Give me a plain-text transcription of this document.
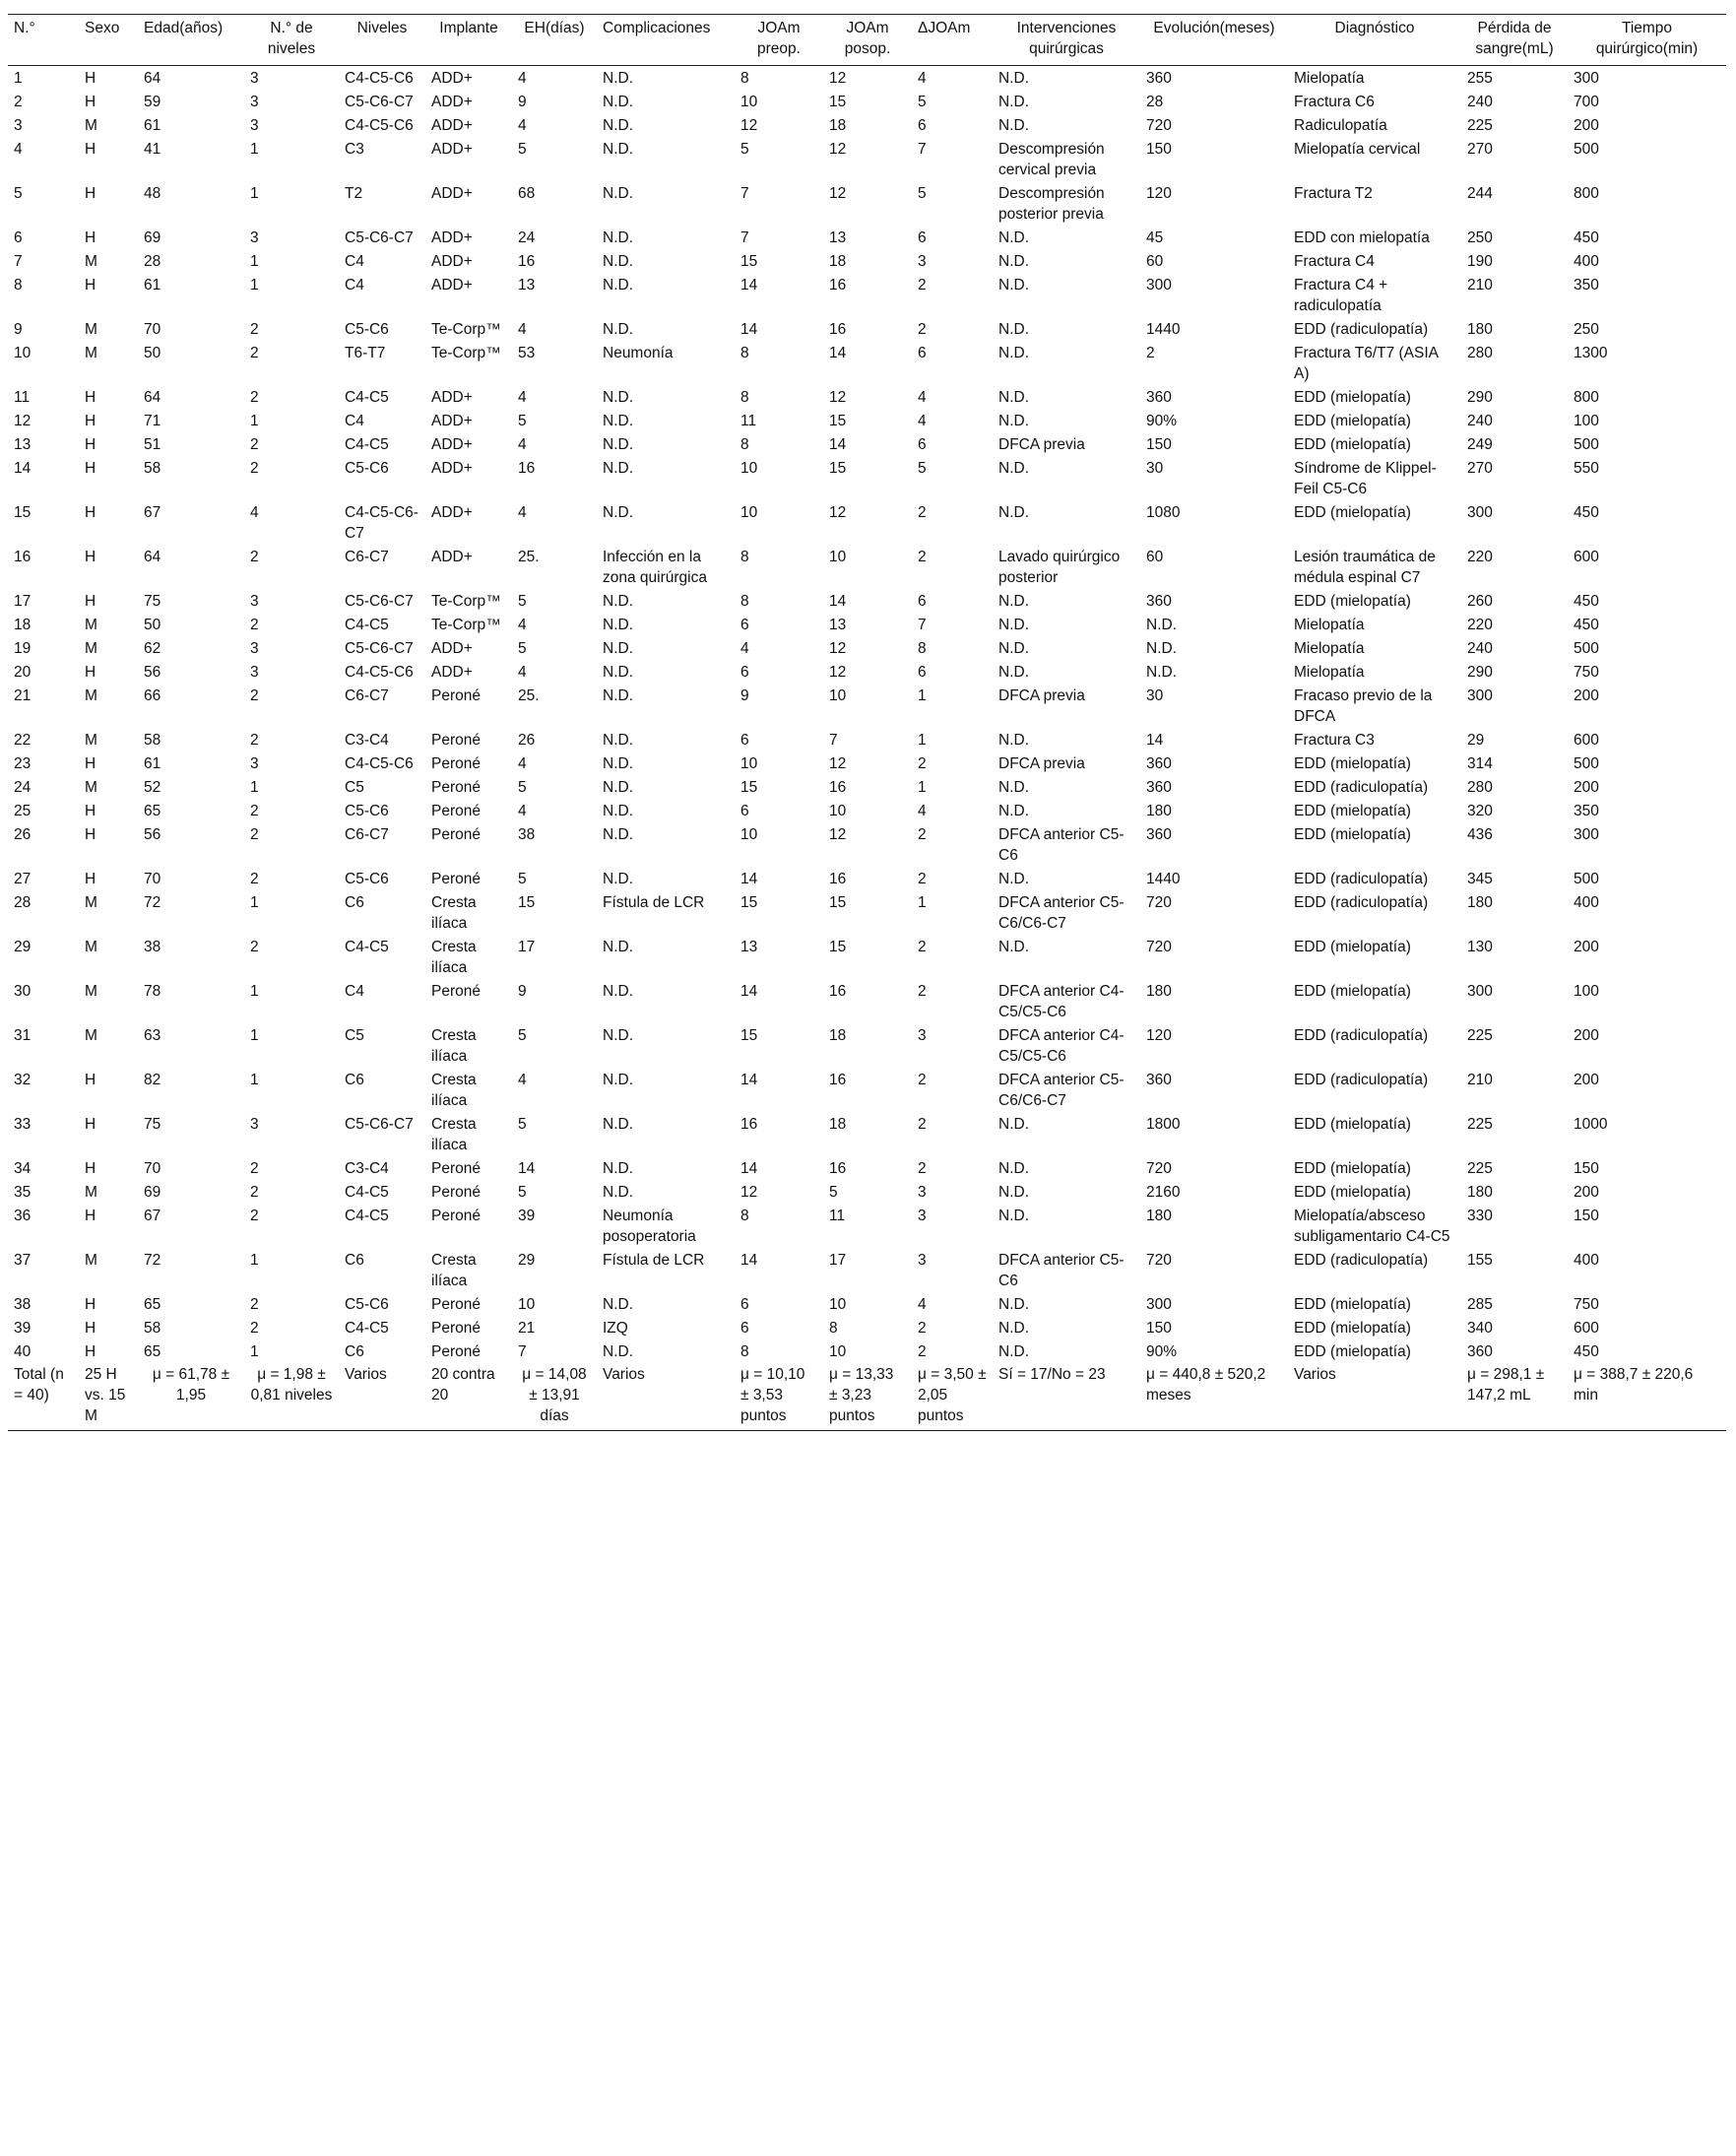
N.°	Sexo	Edad(años)	N.° de niveles	Niveles	Implante	EH(días)	Complicaciones	JOAm preop.	JOAm posop.	ΔJOAm	Intervenciones quirúrgicas	Evolución(meses)	Diagnóstico	Pérdida de sangre(mL)	Tiempo quirúrgico(min)
1	H	64	3	C4-C5-C6	ADD+	4	N.D.	8	12	4	N.D.	360	Mielopatía	255	300
2	H	59	3	C5-C6-C7	ADD+	9	N.D.	10	15	5	N.D.	28	Fractura C6	240	700
3	M	61	3	C4-C5-C6	ADD+	4	N.D.	12	18	6	N.D.	720	Radiculopatía	225	200
4	H	41	1	C3	ADD+	5	N.D.	5	12	7	Descompresión cervical previa	150	Mielopatía cervical	270	500
5	H	48	1	T2	ADD+	68	N.D.	7	12	5	Descompresión posterior previa	120	Fractura T2	244	800
6	H	69	3	C5-C6-C7	ADD+	24	N.D.	7	13	6	N.D.	45	EDD con mielopatía	250	450
7	M	28	1	C4	ADD+	16	N.D.	15	18	3	N.D.	60	Fractura C4	190	400
8	H	61	1	C4	ADD+	13	N.D.	14	16	2	N.D.	300	Fractura C4 + radiculopatía	210	350
9	M	70	2	C5-C6	Te-Corp™	4	N.D.	14	16	2	N.D.	1440	EDD (radiculopatía)	180	250
10	M	50	2	T6-T7	Te-Corp™	53	Neumonía	8	14	6	N.D.	2	Fractura T6/T7 (ASIA A)	280	1300
11	H	64	2	C4-C5	ADD+	4	N.D.	8	12	4	N.D.	360	EDD (mielopatía)	290	800
12	H	71	1	C4	ADD+	5	N.D.	11	15	4	N.D.	90%	EDD (mielopatía)	240	100
13	H	51	2	C4-C5	ADD+	4	N.D.	8	14	6	DFCA previa	150	EDD (mielopatía)	249	500
14	H	58	2	C5-C6	ADD+	16	N.D.	10	15	5	N.D.	30	Síndrome de Klippel-Feil C5-C6	270	550
15	H	67	4	C4-C5-C6-C7	ADD+	4	N.D.	10	12	2	N.D.	1080	EDD (mielopatía)	300	450
16	H	64	2	C6-C7	ADD+	25.	Infección en la zona quirúrgica	8	10	2	Lavado quirúrgico posterior	60	Lesión traumática de médula espinal C7	220	600
17	H	75	3	C5-C6-C7	Te-Corp™	5	N.D.	8	14	6	N.D.	360	EDD (mielopatía)	260	450
18	M	50	2	C4-C5	Te-Corp™	4	N.D.	6	13	7	N.D.	N.D.	Mielopatía	220	450
19	M	62	3	C5-C6-C7	ADD+	5	N.D.	4	12	8	N.D.	N.D.	Mielopatía	240	500
20	H	56	3	C4-C5-C6	ADD+	4	N.D.	6	12	6	N.D.	N.D.	Mielopatía	290	750
21	M	66	2	C6-C7	Peroné	25.	N.D.	9	10	1	DFCA previa	30	Fracaso previo de la DFCA	300	200
22	M	58	2	C3-C4	Peroné	26	N.D.	6	7	1	N.D.	14	Fractura C3	29	600
23	H	61	3	C4-C5-C6	Peroné	4	N.D.	10	12	2	DFCA previa	360	EDD (mielopatía)	314	500
24	M	52	1	C5	Peroné	5	N.D.	15	16	1	N.D.	360	EDD (radiculopatía)	280	200
25	H	65	2	C5-C6	Peroné	4	N.D.	6	10	4	N.D.	180	EDD (mielopatía)	320	350
26	H	56	2	C6-C7	Peroné	38	N.D.	10	12	2	DFCA anterior C5-C6	360	EDD (mielopatía)	436	300
27	H	70	2	C5-C6	Peroné	5	N.D.	14	16	2	N.D.	1440	EDD (radiculopatía)	345	500
28	M	72	1	C6	Cresta ilíaca	15	Fístula de LCR	15	15	1	DFCA anterior C5-C6/C6-C7	720	EDD (radiculopatía)	180	400
29	M	38	2	C4-C5	Cresta ilíaca	17	N.D.	13	15	2	N.D.	720	EDD (mielopatía)	130	200
30	M	78	1	C4	Peroné	9	N.D.	14	16	2	DFCA anterior C4-C5/C5-C6	180	EDD (mielopatía)	300	100
31	M	63	1	C5	Cresta ilíaca	5	N.D.	15	18	3	DFCA anterior C4-C5/C5-C6	120	EDD (radiculopatía)	225	200
32	H	82	1	C6	Cresta ilíaca	4	N.D.	14	16	2	DFCA anterior C5-C6/C6-C7	360	EDD (radiculopatía)	210	200
33	H	75	3	C5-C6-C7	Cresta ilíaca	5	N.D.	16	18	2	N.D.	1800	EDD (mielopatía)	225	1000
34	H	70	2	C3-C4	Peroné	14	N.D.	14	16	2	N.D.	720	EDD (mielopatía)	225	150
35	M	69	2	C4-C5	Peroné	5	N.D.	12	5	3	N.D.	2160	EDD (mielopatía)	180	200
36	H	67	2	C4-C5	Peroné	39	Neumonía posoperatoria	8	11	3	N.D.	180	Mielopatía/absceso subligamentario C4-C5	330	150
37	M	72	1	C6	Cresta ilíaca	29	Fístula de LCR	14	17	3	DFCA anterior C5-C6	720	EDD (radiculopatía)	155	400
38	H	65	2	C5-C6	Peroné	10	N.D.	6	10	4	N.D.	300	EDD (mielopatía)	285	750
39	H	58	2	C4-C5	Peroné	21	IZQ	6	8	2	N.D.	150	EDD (mielopatía)	340	600
40	H	65	1	C6	Peroné	7	N.D.	8	10	2	N.D.	90%	EDD (mielopatía)	360	450
Total (n = 40)	25 H vs. 15 M	μ = 61,78 ± 1,95	μ = 1,98 ± 0,81 niveles	Varios	20 contra 20	μ = 14,08 ± 13,91 días	Varios	μ = 10,10 ± 3,53 puntos	μ = 13,33 ± 3,23 puntos	μ = 3,50 ± 2,05 puntos	Sí = 17/No = 23	μ = 440,8 ± 520,2 meses	Varios	μ = 298,1 ± 147,2 mL	μ = 388,7 ± 220,6 min
